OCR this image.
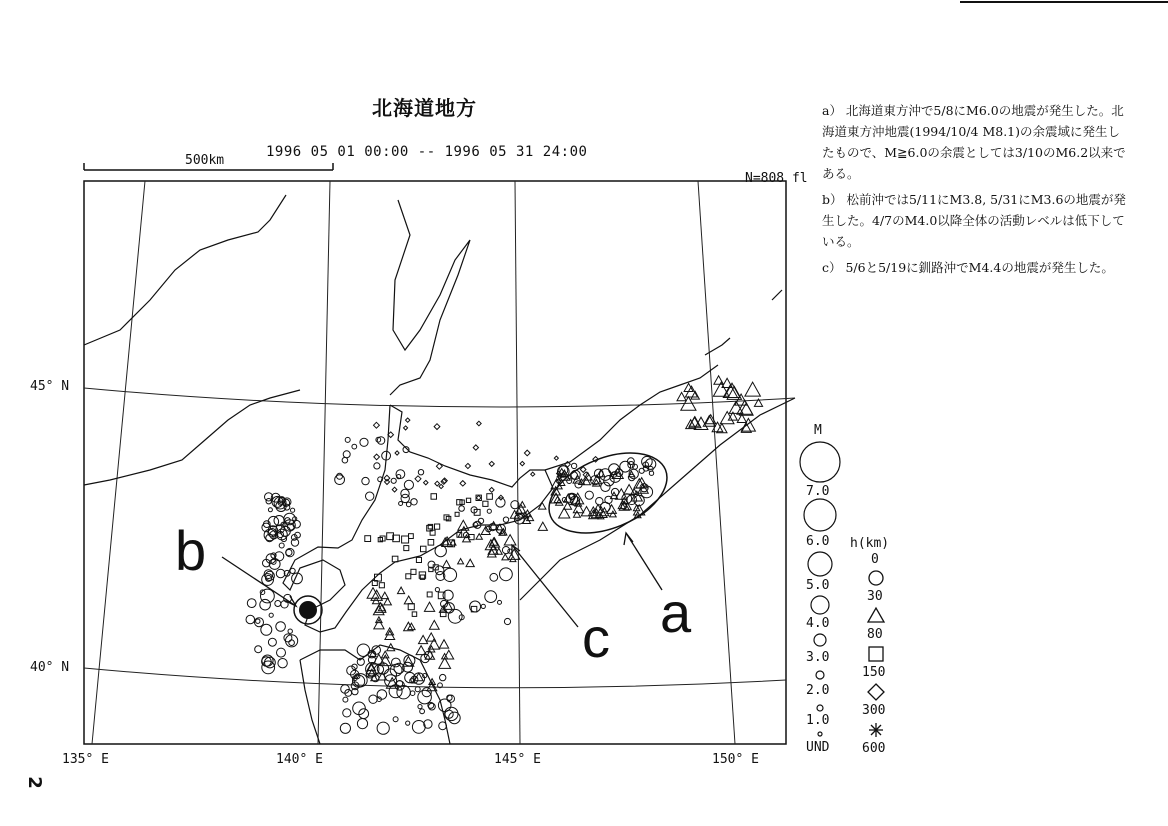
北海道地方
1996 05 01 00:00 -- 1996 05 31 24:00
500km
N=808 fl
45° N
40° N
135° E	140° E	145° E	150° E
b
c a

a） 北海道東方沖で5/8にM6.0の地震が発生した。北海道東方沖地震(1994/10/4 M8.1)の余震域に発生したもので、M≧6.0の余震としては3/10のM6.2以来である。

b） 松前沖では5/11にM3.8, 5/31にM3.6の地震が発生した。4/7のM4.0以降全体の活動レベルは低下している。

c） 5/6と5/19に釧路沖でM4.4の地震が発生した。

M
7.0
6.0
5.0
4.0
3.0
2.0
1.0
UND
h(km)
0
30
80
150
300
600
2
